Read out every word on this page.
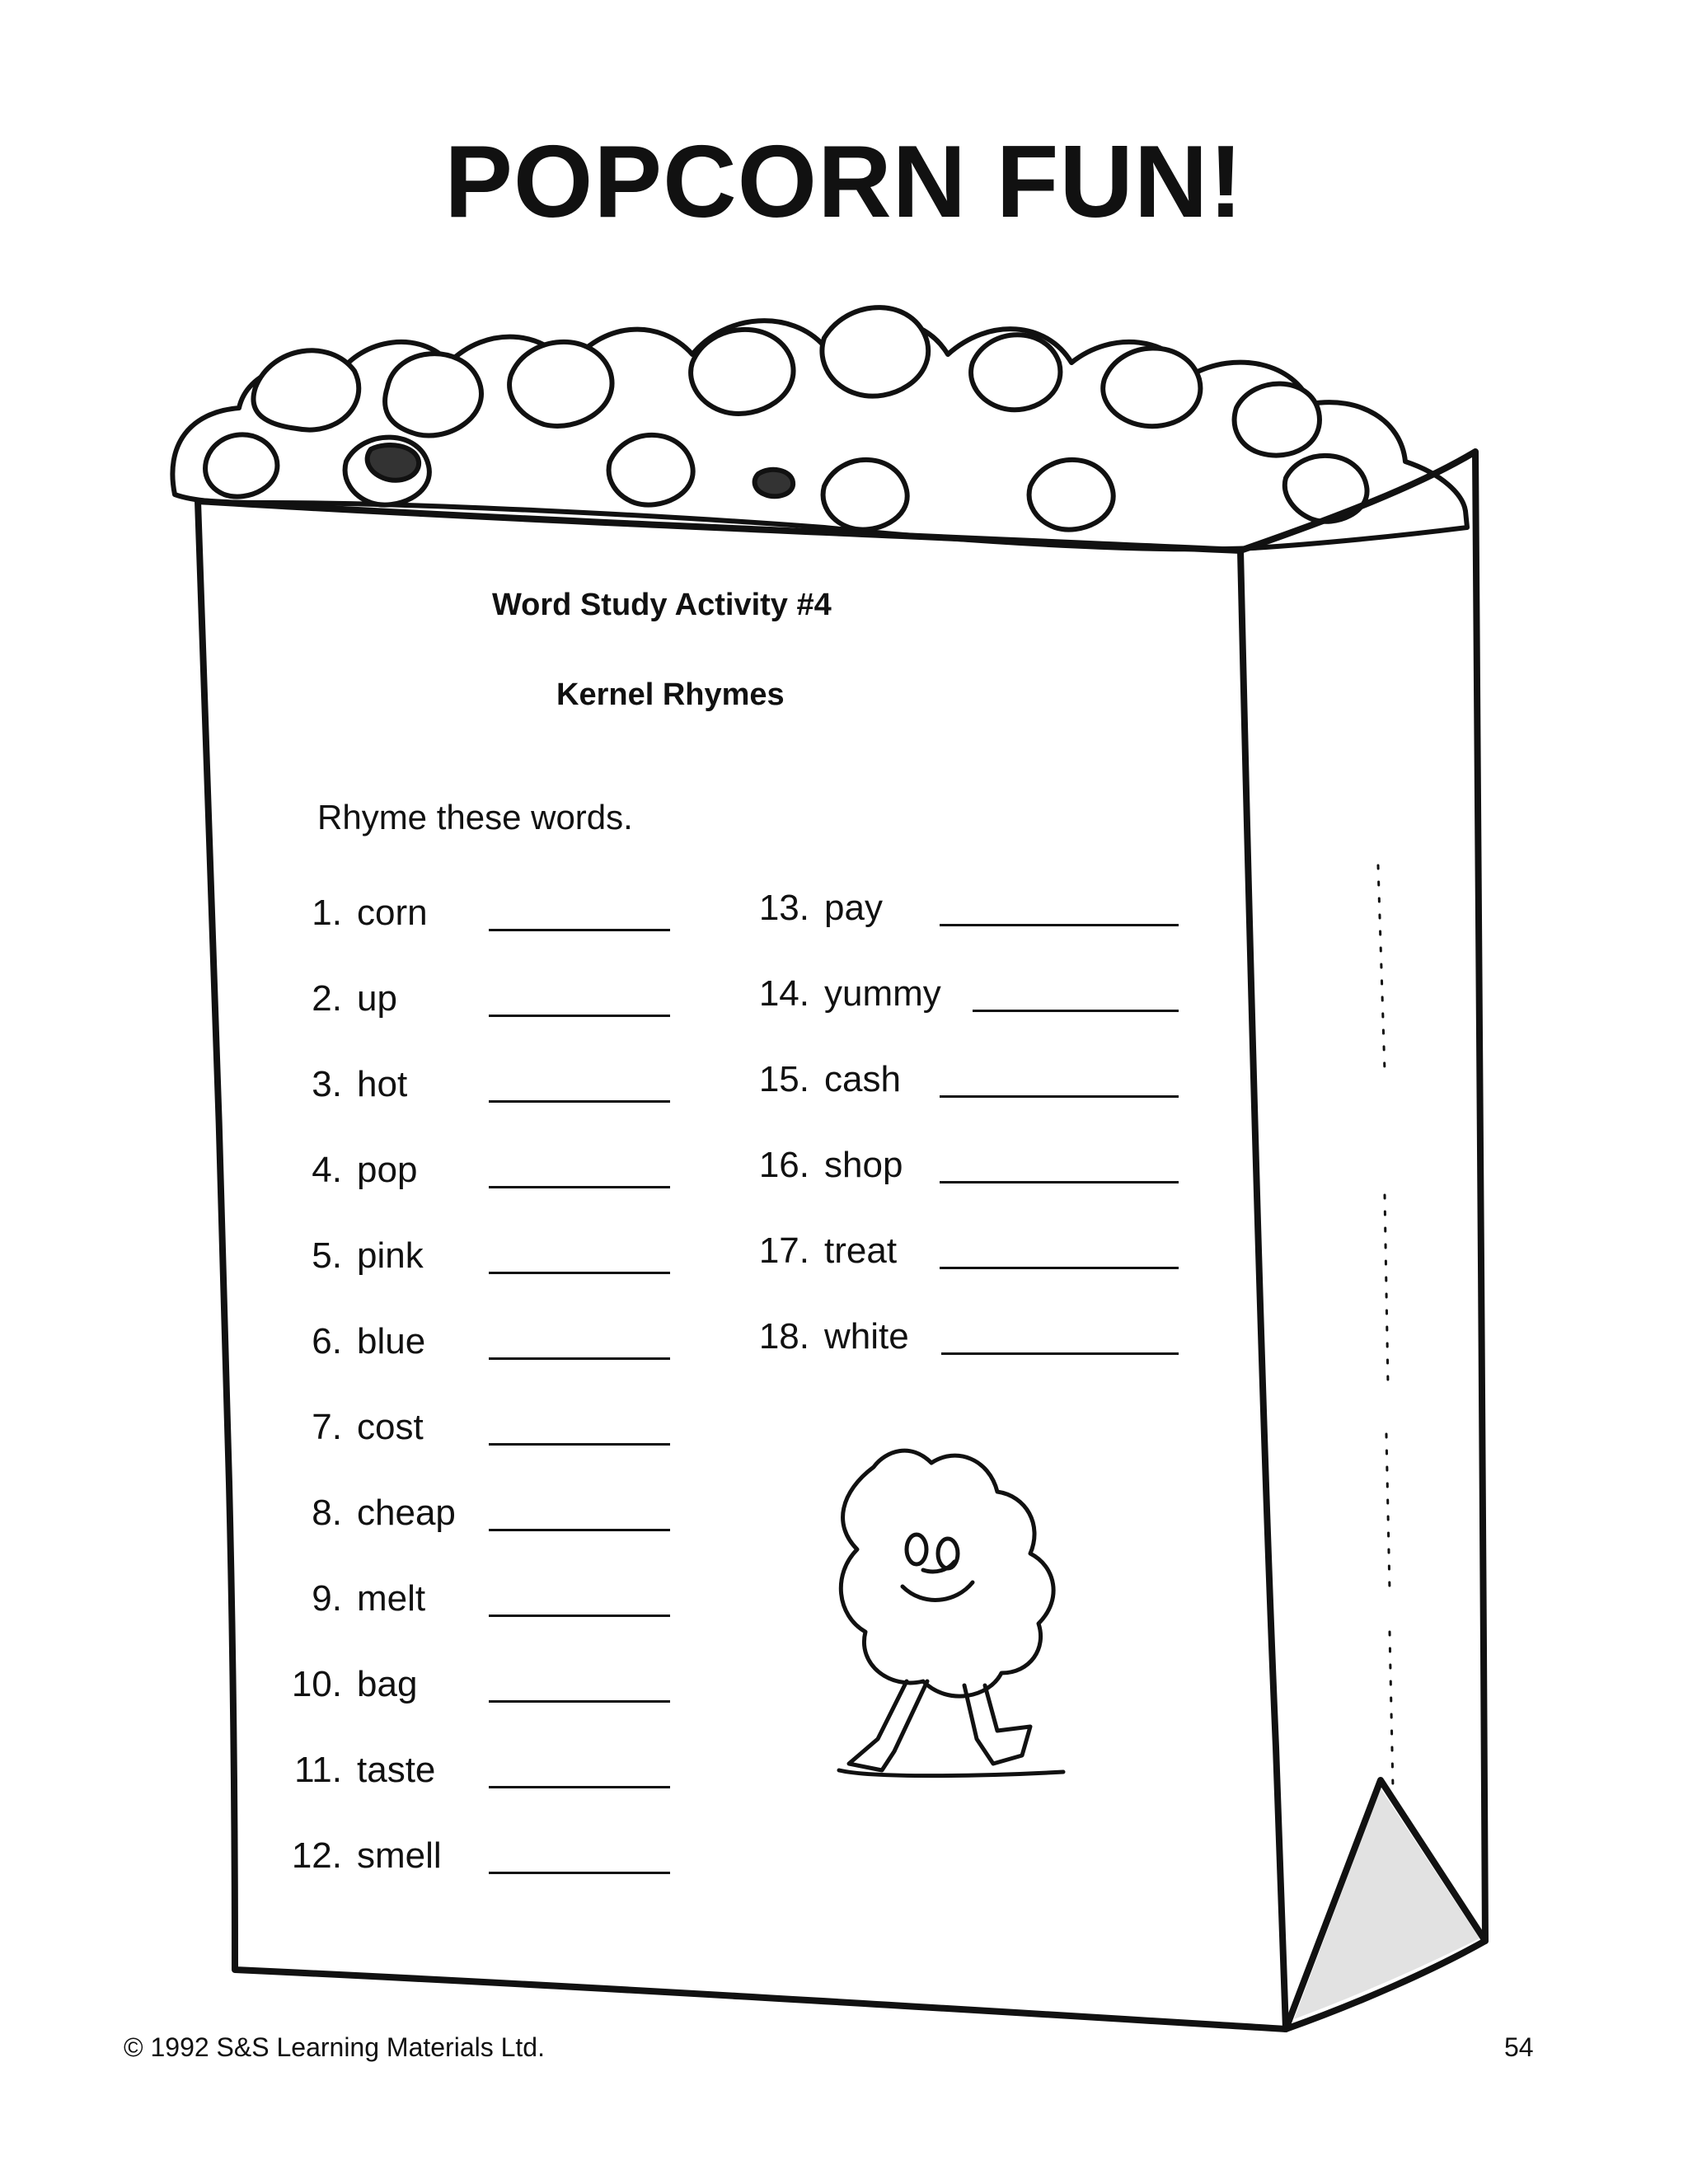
POPCORN FUN!

Word Study Activity #4

Kernel Rhymes

Rhyme these words.

1. corn
2. up
3. hot
4. pop
5. pink
6. blue
7. cost
8. cheap
9. melt
10. bag
11. taste
12. smell
13. pay
14. yummy
15. cash
16. shop
17. treat
18. white

© 1992 S&S Learning Materials Ltd.	54
